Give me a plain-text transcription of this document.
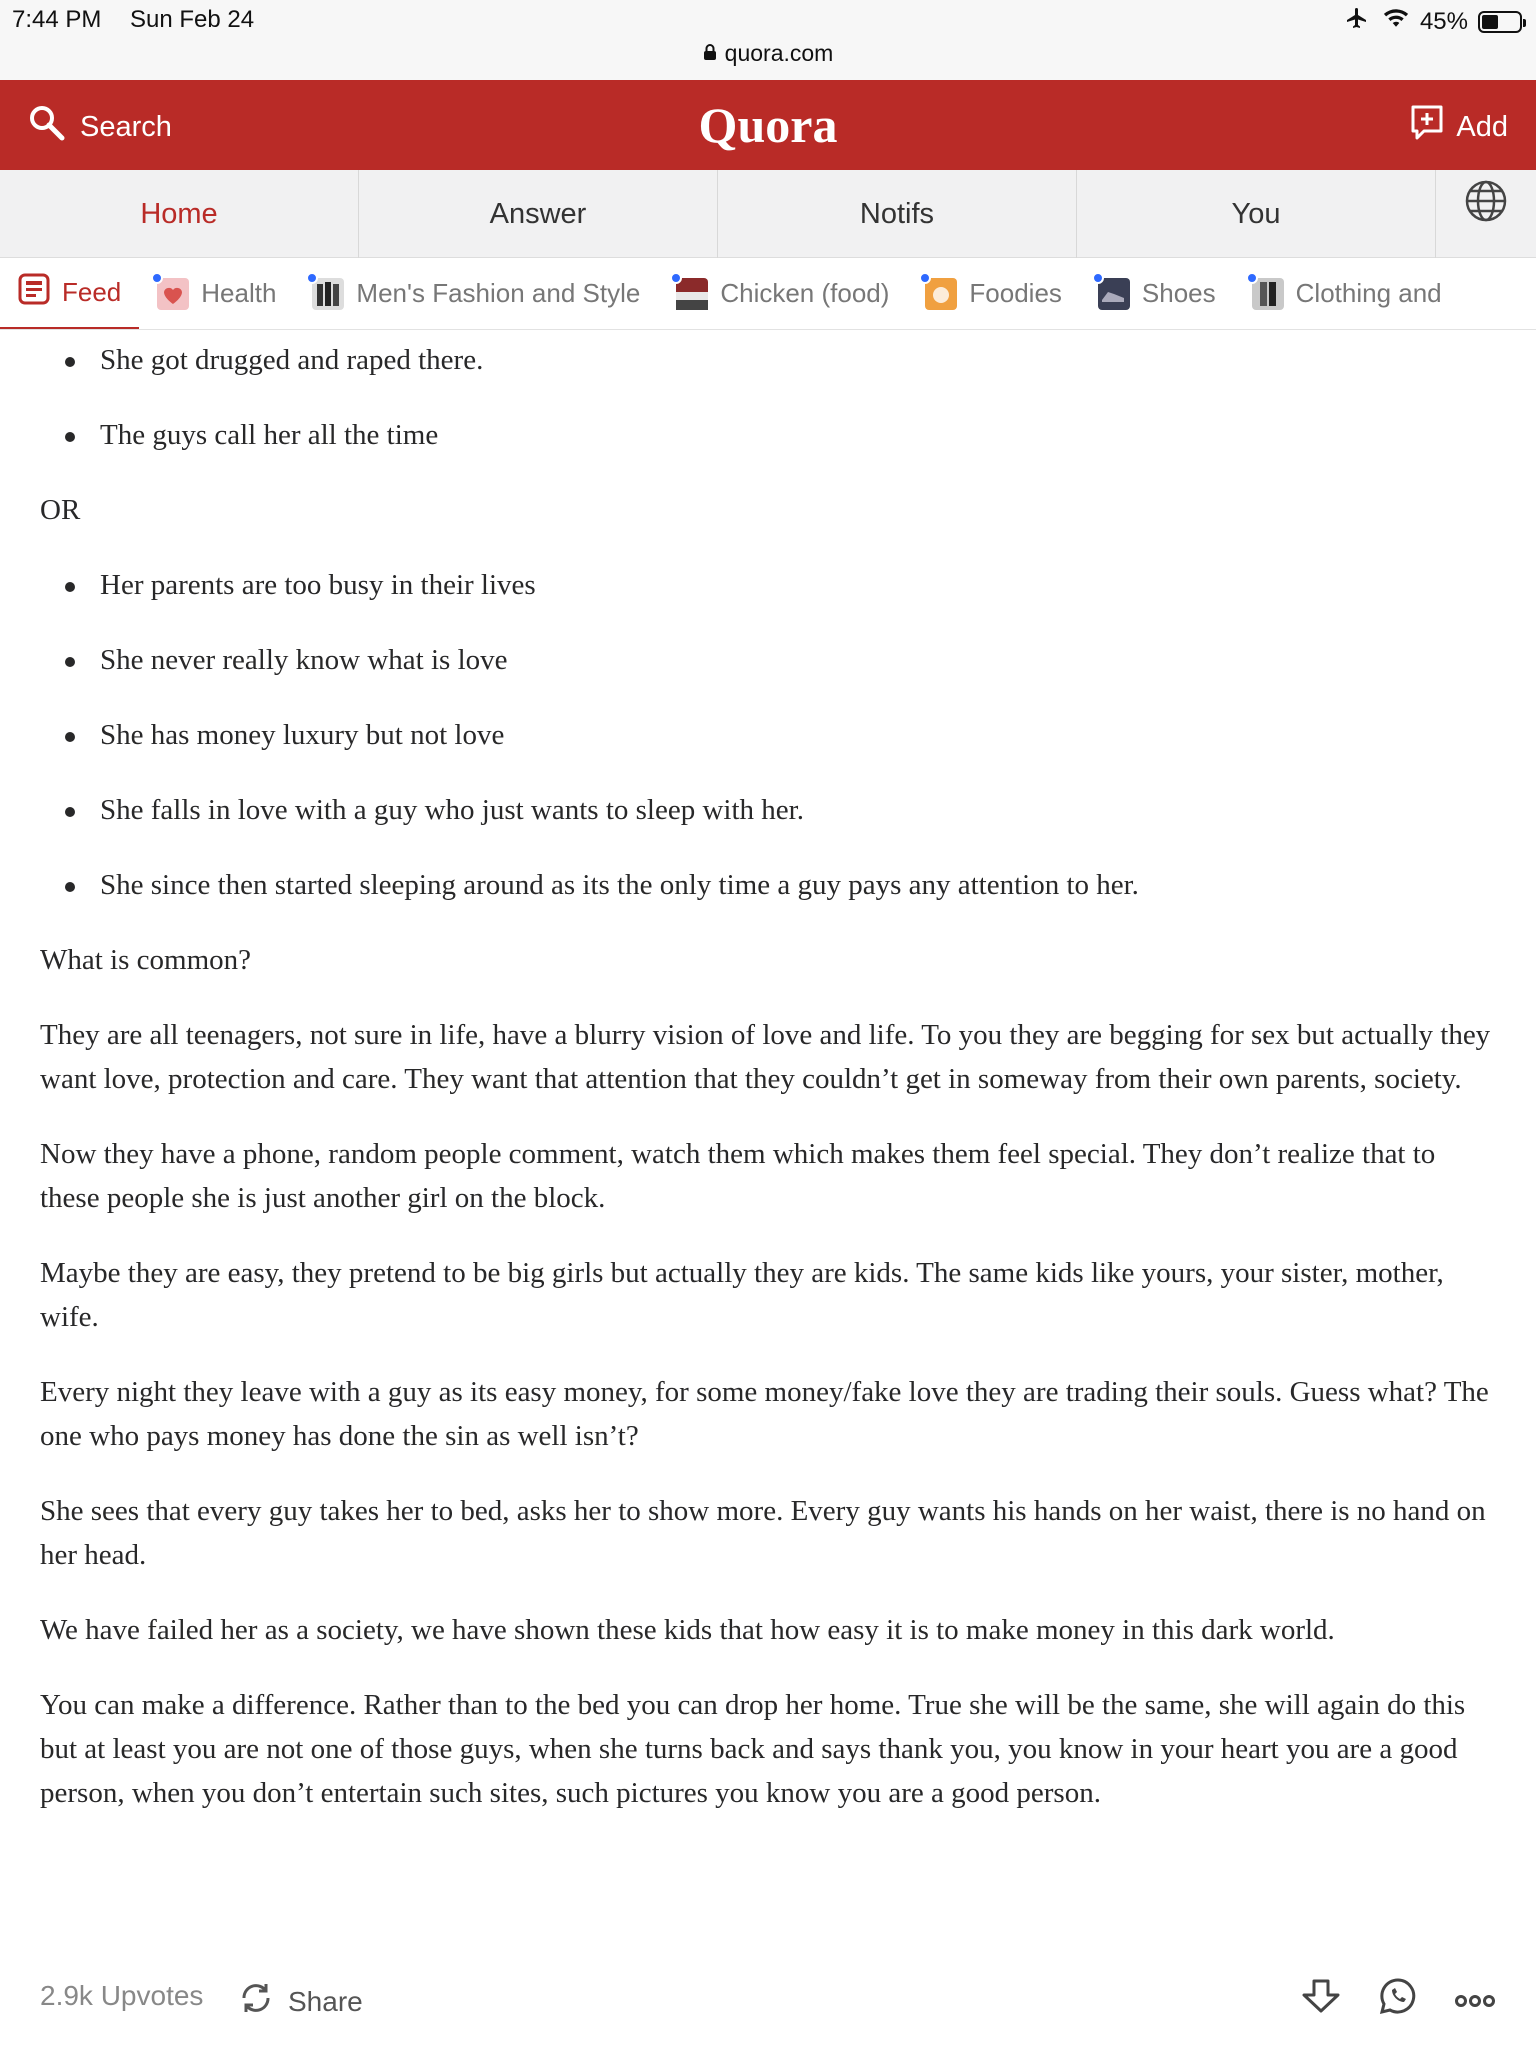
7:44 PM Sun Feb 24	45%
quora.com
Search	Quora	Add
Home	Answer	Notifs	You
Feed	Health	Men's Fashion and Style	Chicken (food)	Foodies	Shoes	Clothing and
She got drugged and raped there.
The guys call her all the time

OR

Her parents are too busy in their lives
She never really know what is love
She has money luxury but not love
She falls in love with a guy who just wants to sleep with her.
She since then started sleeping around as its the only time a guy pays any attention to her.

What is common?

They are all teenagers, not sure in life, have a blurry vision of love and life. To you they are begging for sex but actually they want love, protection and care. They want that attention that they couldn’t get in someway from their own parents, society.

Now they have a phone, random people comment, watch them which makes them feel special. They don’t realize that to these people she is just another girl on the block.

Maybe they are easy, they pretend to be big girls but actually they are kids. The same kids like yours, your sister, mother, wife.

Every night they leave with a guy as its easy money, for some money/fake love they are trading their souls. Guess what? The one who pays money has done the sin as well isn’t?

She sees that every guy takes her to bed, asks her to show more. Every guy wants his hands on her waist, there is no hand on her head.

We have failed her as a society, we have shown these kids that how easy it is to make money in this dark world.

You can make a difference. Rather than to the bed you can drop her home. True she will be the same, she will again do this but at least you are not one of those guys, when she turns back and says thank you, you know in your heart you are a good person, when you don’t entertain such sites, such pictures you know you are a good person.

2.9k Upvotes	Share
